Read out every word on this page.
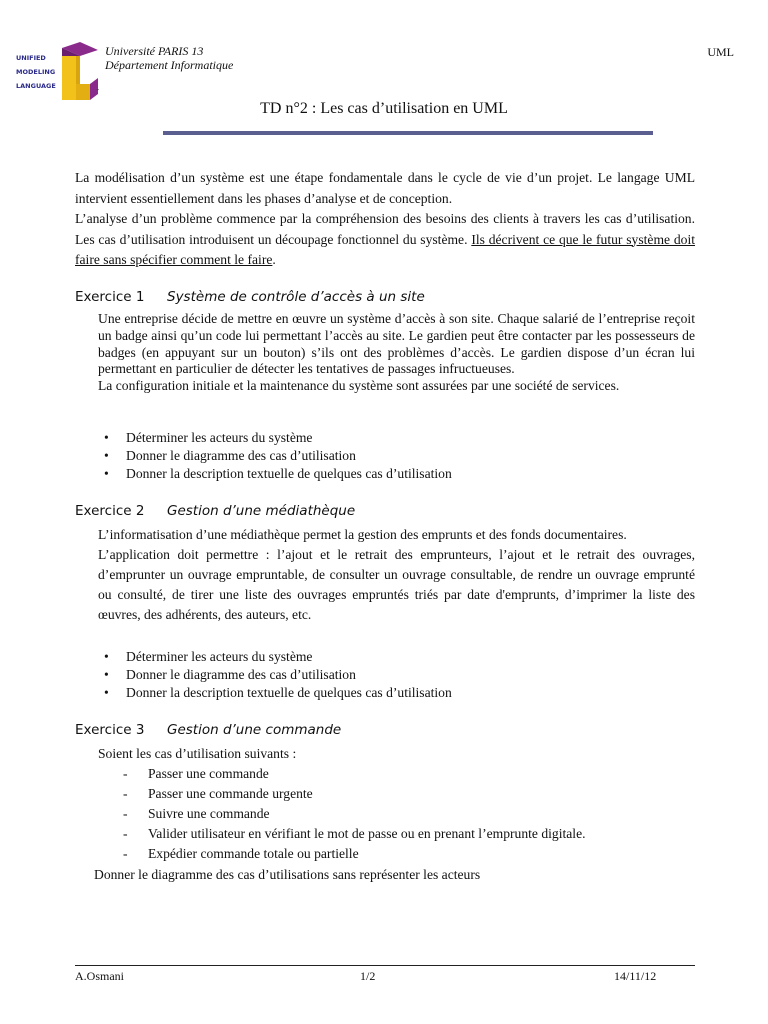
™
UNIFIED
MODELING
LANGUAGE
Université PARIS 13
Département Informatique
UML
TD n°2 : Les cas d’utilisation en UML

La modélisation d’un système est une étape fondamentale dans le cycle de vie d’un projet. Le langage UML intervient essentiellement dans les phases d’analyse et de conception.

L’analyse d’un problème commence par la compréhension des besoins des clients à travers les cas d’utilisation. Les cas d’utilisation introduisent un découpage fonctionnel du système. Ils décrivent ce que le futur système doit faire sans spécifier comment le faire.

Exercice 1 Système de contrôle d’accès à un site

Une entreprise décide de mettre en œuvre un système d’accès à son site. Chaque salarié de l’entreprise reçoit un badge ainsi qu’un code lui permettant l’accès au site. Le gardien peut être contacter par les possesseurs de badges (en appuyant sur un bouton) s’ils ont des problèmes d’accès. Le gardien dispose d’un écran lui permettant en particulier de détecter les tentatives de passages infructueuses.

La configuration initiale et la maintenance du système sont assurées par une société de services.

• Déterminer les acteurs du système
• Donner le diagramme des cas d’utilisation
• Donner la description textuelle de quelques cas d’utilisation
Exercice 2 Gestion d’une médiathèque

L’informatisation d’une médiathèque permet la gestion des emprunts et des fonds documentaires.

L’application doit permettre : l’ajout et le retrait des emprunteurs, l’ajout et le retrait des ouvrages, d’emprunter un ouvrage empruntable, de consulter un ouvrage consultable, de rendre un ouvrage emprunté ou consulté, de tirer une liste des ouvrages empruntés triés par date d'emprunts, d’imprimer la liste des œuvres, des adhérents, des auteurs, etc.

• Déterminer les acteurs du système
• Donner le diagramme des cas d’utilisation
• Donner la description textuelle de quelques cas d’utilisation
Exercice 3 Gestion d’une commande
Soient les cas d’utilisation suivants :
- Passer une commande
- Passer une commande urgente
- Suivre une commande
- Valider utilisateur en vérifiant le mot de passe ou en prenant l’emprunte digitale.
- Expédier commande totale ou partielle
Donner le diagramme des cas d’utilisations sans représenter les acteurs
A.Osmani	1/2	14/11/12
